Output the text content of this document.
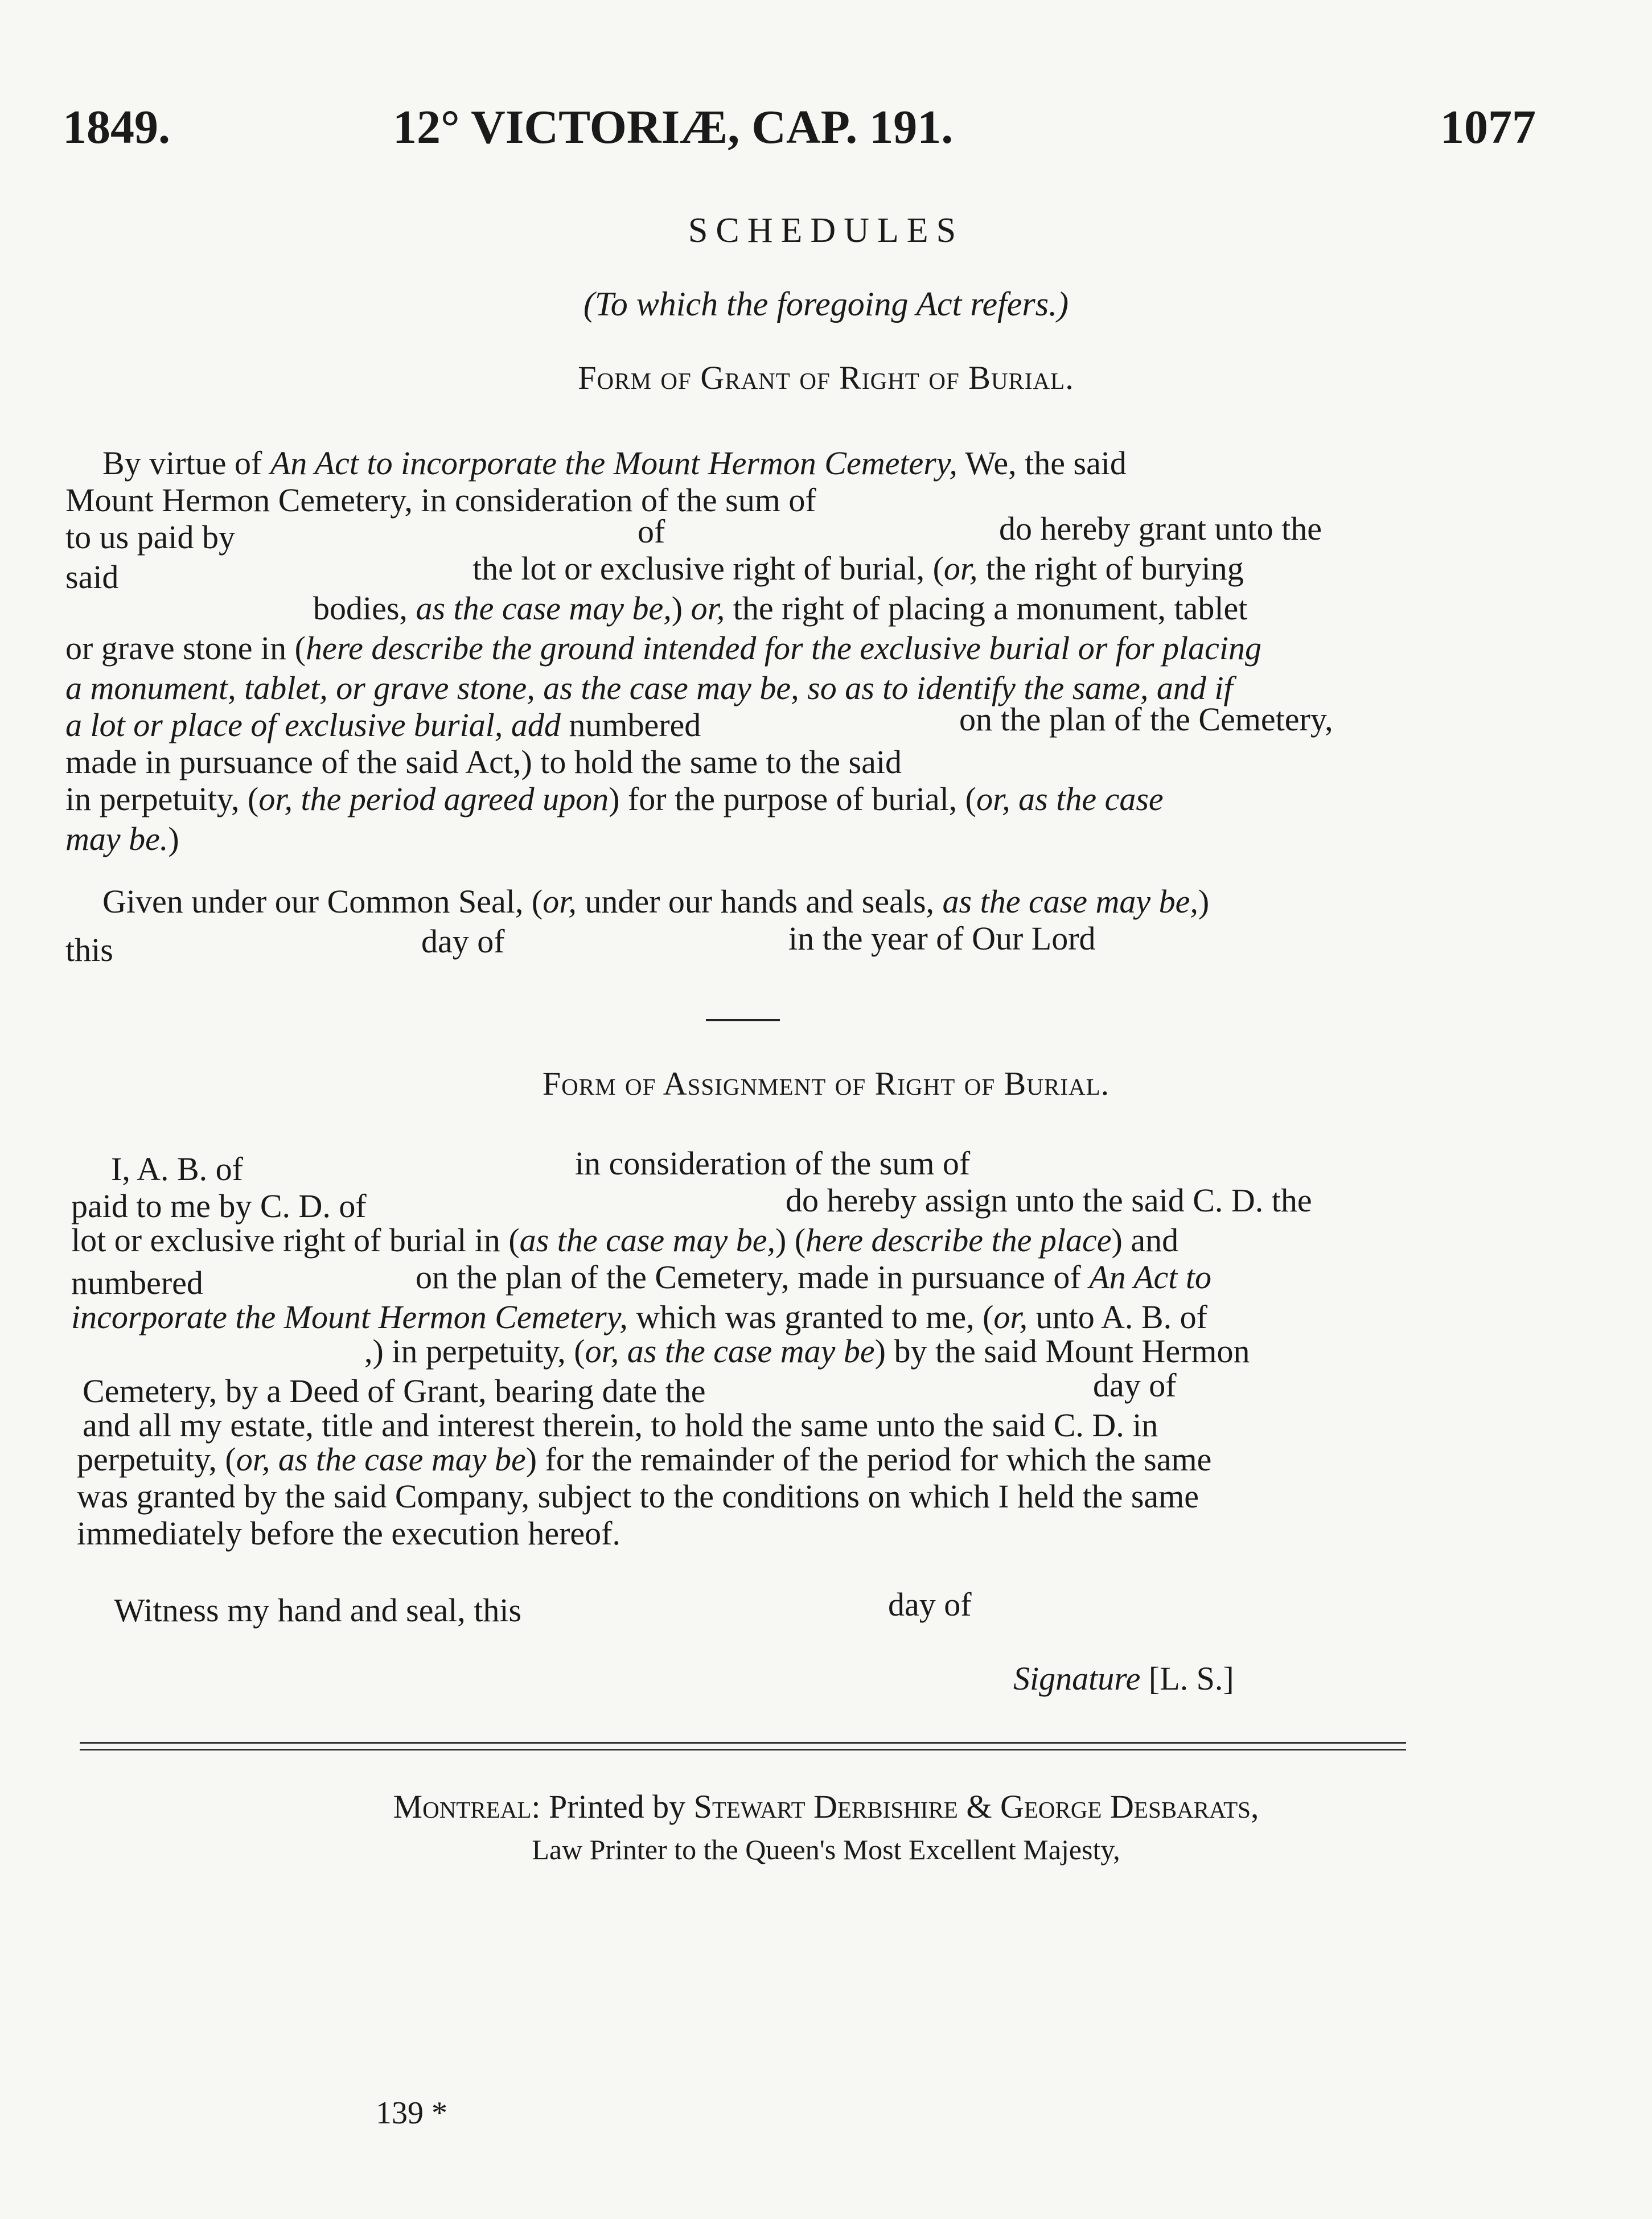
1849.	12° VICTORIÆ, CAP. 191.	1077
SCHEDULES
(To which the foregoing Act refers.)
Form of Grant of Right of Burial.
By virtue of An Act to incorporate the Mount Hermon Cemetery, We, the said
Mount Hermon Cemetery, in consideration of the sum of
to us paid by	of	do hereby grant unto the
said	the lot or exclusive right of burial, (or, the right of burying
bodies, as the case may be,) or, the right of placing a monument, tablet
or grave stone in (here describe the ground intended for the exclusive burial or for placing
a monument, tablet, or grave stone, as the case may be, so as to identify the same, and if
a lot or place of exclusive burial, add numbered	on the plan of the Cemetery,
made in pursuance of the said Act,) to hold the same to the said
in perpetuity, (or, the period agreed upon) for the purpose of burial, (or, as the case
may be.)
Given under our Common Seal, (or, under our hands and seals, as the case may be,)
this	day of	in the year of Our Lord
Form of Assignment of Right of Burial.
I, A. B. of	in consideration of the sum of
paid to me by C. D. of	do hereby assign unto the said C. D. the
lot or exclusive right of burial in (as the case may be,) (here describe the place) and
numbered	on the plan of the Cemetery, made in pursuance of An Act to
incorporate the Mount Hermon Cemetery, which was granted to me, (or, unto A. B. of
,) in perpetuity, (or, as the case may be) by the said Mount Hermon
Cemetery, by a Deed of Grant, bearing date the	day of
and all my estate, title and interest therein, to hold the same unto the said C. D. in
perpetuity, (or, as the case may be) for the remainder of the period for which the same
was granted by the said Company, subject to the conditions on which I held the same
immediately before the execution hereof.
Witness my hand and seal, this	day of
Signature [L. S.]
Montreal: Printed by Stewart Derbishire & George Desbarats,
Law Printer to the Queen's Most Excellent Majesty,
139 *
